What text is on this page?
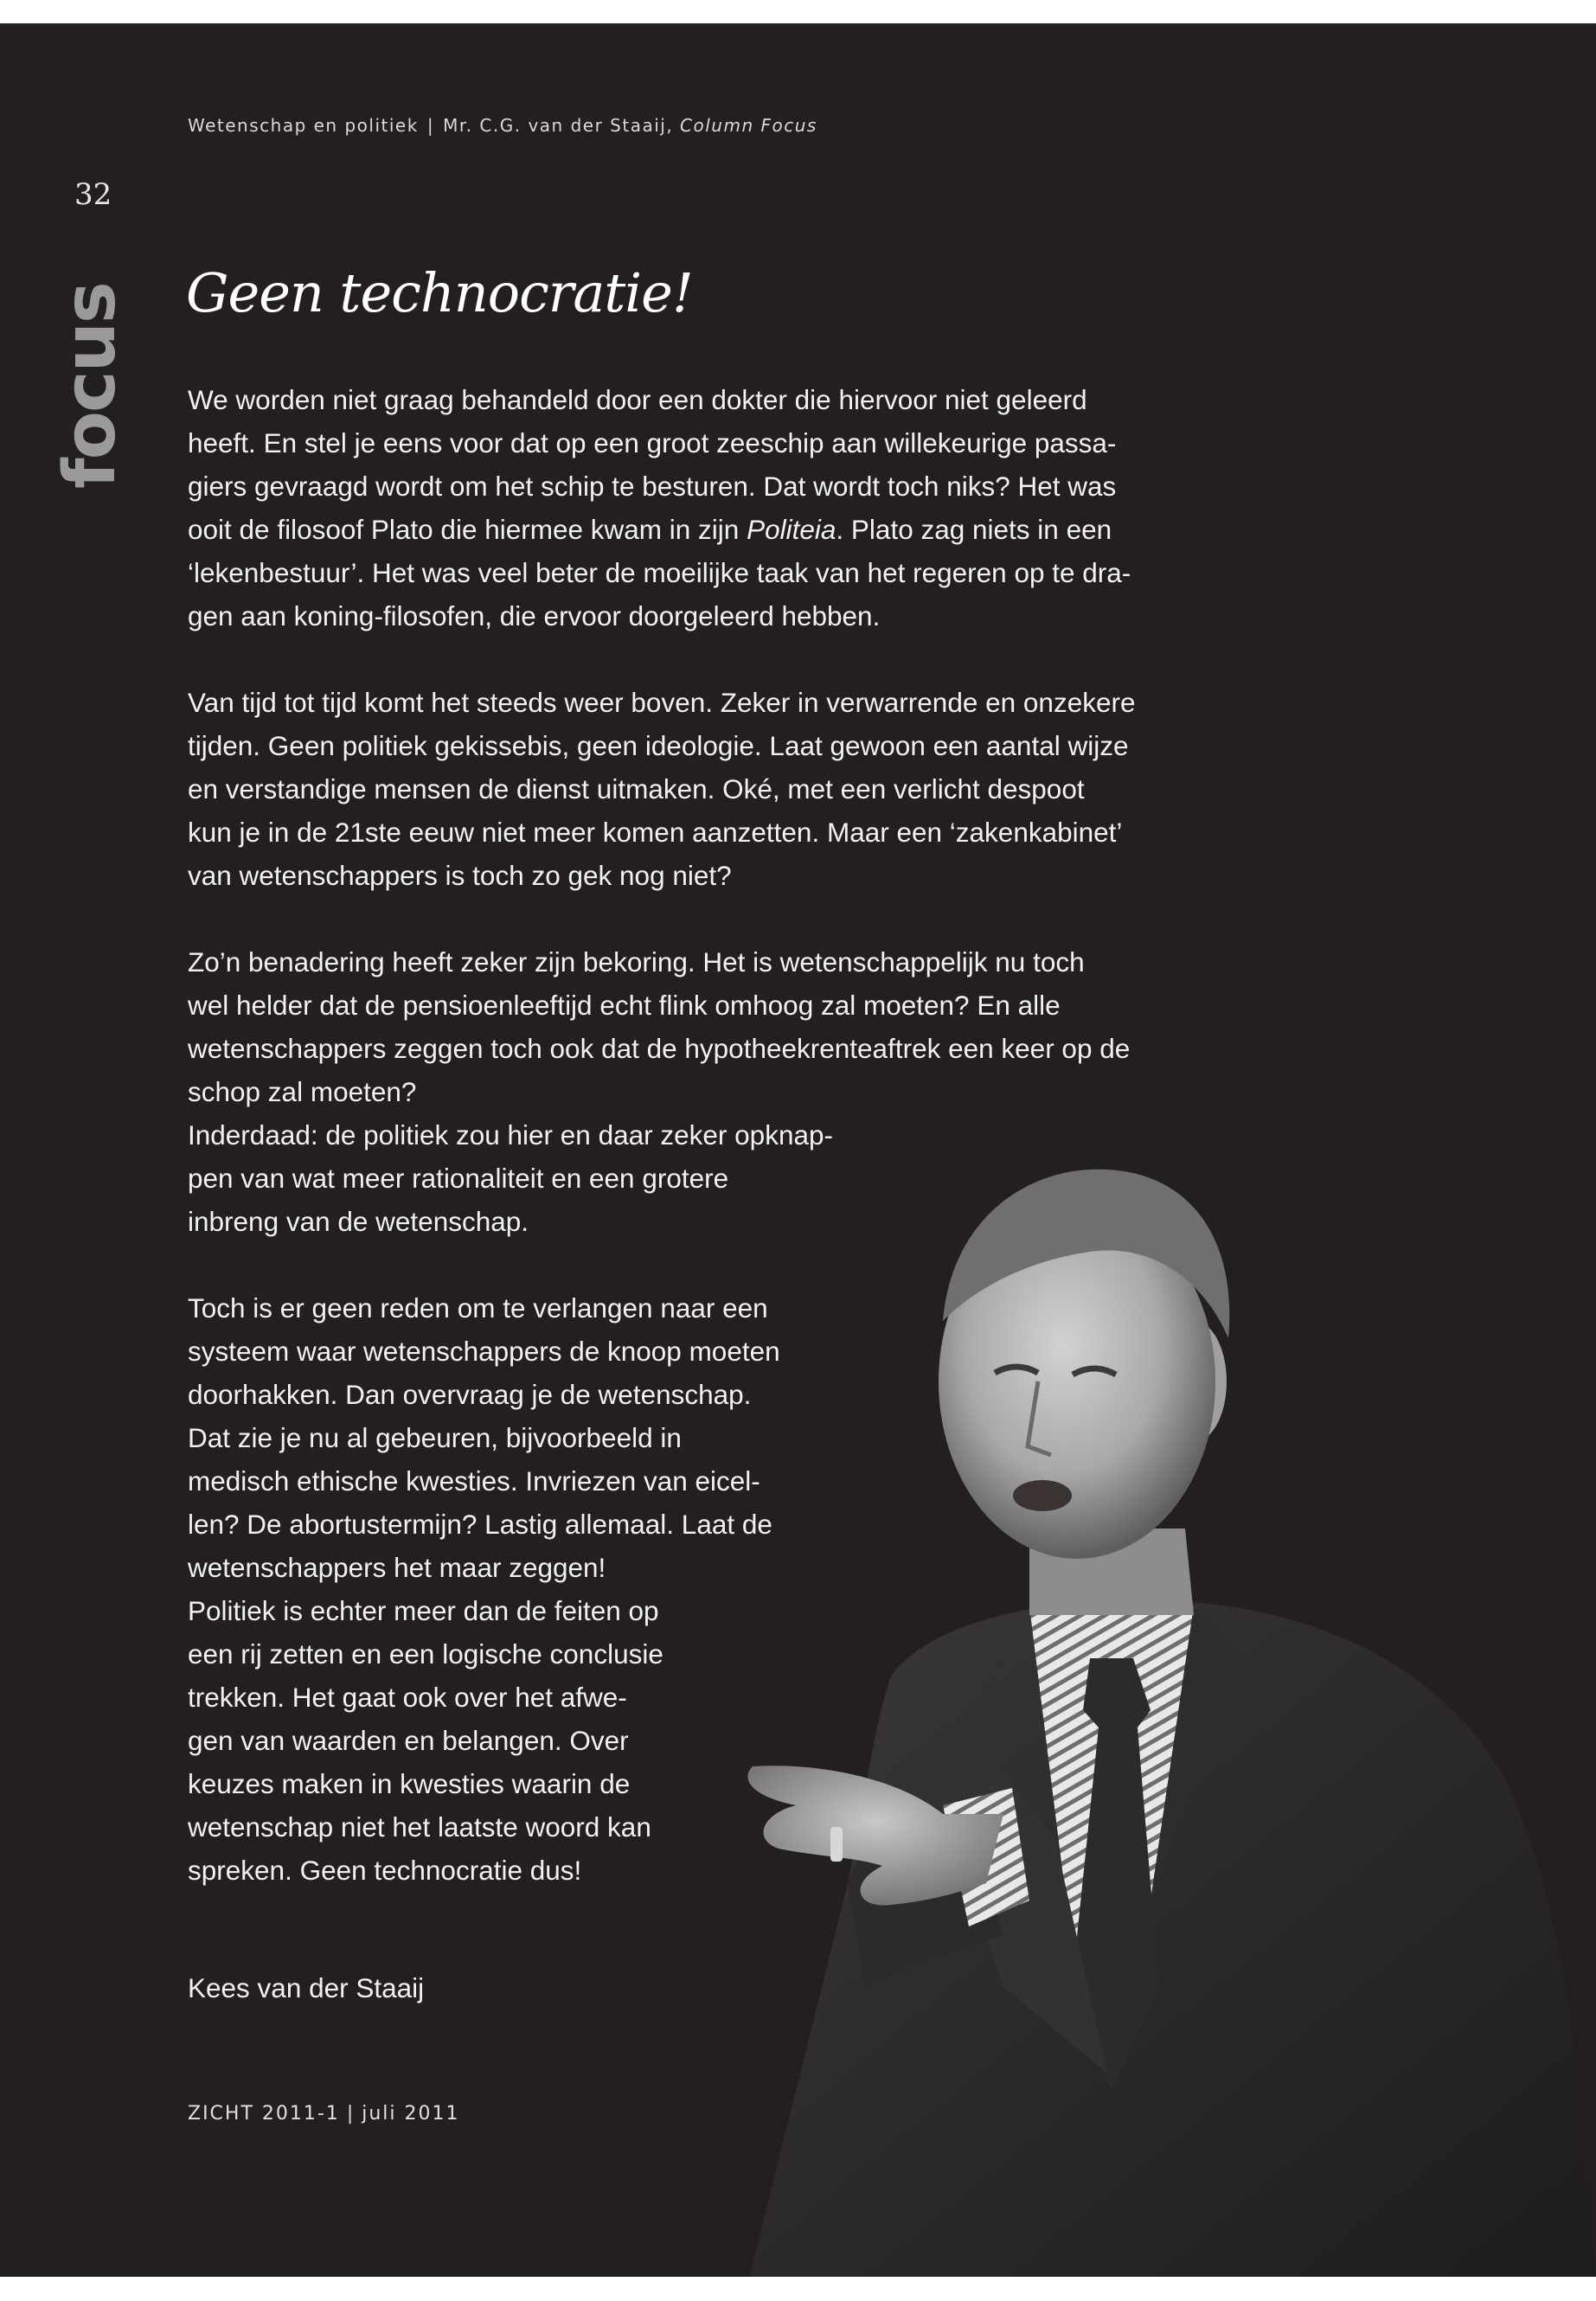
Wetenschap en politiek | Mr. C.G. van der Staaij, Column Focus
32
focus Geen technocratie!
We worden niet graag behandeld door een dokter die hiervoor niet geleerd
heeft. En stel je eens voor dat op een groot zeeschip aan willekeurige passa-
giers gevraagd wordt om het schip te besturen. Dat wordt toch niks? Het was
ooit de filosoof Plato die hiermee kwam in zijn Politeia. Plato zag niets in een
‘lekenbestuur’. Het was veel beter de moeilijke taak van het regeren op te dra-
gen aan koning-filosofen, die ervoor doorgeleerd hebben.
Van tijd tot tijd komt het steeds weer boven. Zeker in verwarrende en onzekere
tijden. Geen politiek gekissebis, geen ideologie. Laat gewoon een aantal wijze
en verstandige mensen de dienst uitmaken. Oké, met een verlicht despoot
kun je in de 21ste eeuw niet meer komen aanzetten. Maar een ‘zakenkabinet’
van wetenschappers is toch zo gek nog niet?
Zo’n benadering heeft zeker zijn bekoring. Het is wetenschappelijk nu toch
wel helder dat de pensioenleeftijd echt flink omhoog zal moeten? En alle
wetenschappers zeggen toch ook dat de hypotheekrenteaftrek een keer op de
schop zal moeten?
Inderdaad: de politiek zou hier en daar zeker opknap-
pen van wat meer rationaliteit en een grotere
inbreng van de wetenschap.
Toch is er geen reden om te verlangen naar een
systeem waar wetenschappers de knoop moeten
doorhakken. Dan overvraag je de wetenschap.
Dat zie je nu al gebeuren, bijvoorbeeld in
medisch ethische kwesties. Invriezen van eicel-
len? De abortustermijn? Lastig allemaal. Laat de
wetenschappers het maar zeggen!
Politiek is echter meer dan de feiten op
een rij zetten en een logische conclusie
trekken. Het gaat ook over het afwe-
gen van waarden en belangen. Over
keuzes maken in kwesties waarin de
wetenschap niet het laatste woord kan
spreken. Geen technocratie dus!
Kees van der Staaij
ZICHT 2011-1 | juli 2011
